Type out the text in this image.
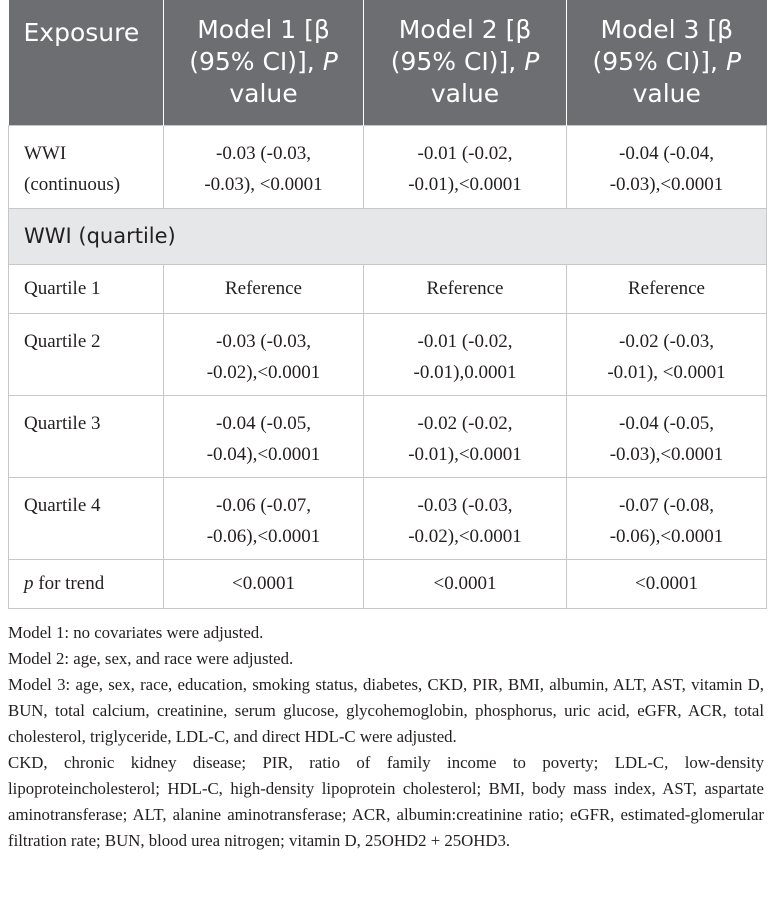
Exposure	Model 1 [β
(95% CI)], P
value	Model 2 [β
(95% CI)], P
value	Model 3 [β
(95% CI)], P
value
WWI
(continuous)	-0.03 (-0.03,
-0.03), <0.0001	-0.01 (-0.02,
-0.01),<0.0001	-0.04 (-0.04,
-0.03),<0.0001
WWI (quartile)			
Quartile 1	Reference	Reference	Reference
Quartile 2	-0.03 (-0.03,
-0.02),<0.0001	-0.01 (-0.02,
-0.01),0.0001	-0.02 (-0.03,
-0.01), <0.0001
Quartile 3	-0.04 (-0.05,
-0.04),<0.0001	-0.02 (-0.02,
-0.01),<0.0001	-0.04 (-0.05,
-0.03),<0.0001
Quartile 4	-0.06 (-0.07,
-0.06),<0.0001	-0.03 (-0.03,
-0.02),<0.0001	-0.07 (-0.08,
-0.06),<0.0001
p for trend	<0.0001	<0.0001	<0.0001

Model 1: no covariates were adjusted.

Model 2: age, sex, and race were adjusted.

Model 3: age, sex, race, education, smoking status, diabetes, CKD, PIR, BMI, albumin, ALT, AST, vitamin D, BUN, total calcium, creatinine, serum glucose, glycohemoglobin, phosphorus, uric acid, eGFR, ACR, total cholesterol, triglyceride, LDL-C, and direct HDL-C were adjusted.

CKD, chronic kidney disease; PIR, ratio of family income to poverty; LDL-C, low-density lipoproteincholesterol; HDL-C, high-density lipoprotein cholesterol; BMI, body mass index, AST, aspartate aminotransferase; ALT, alanine aminotransferase; ACR, albumin:creatinine ratio; eGFR, estimated-glomerular filtration rate; BUN, blood urea nitrogen; vitamin D, 25OHD2 + 25OHD3.
